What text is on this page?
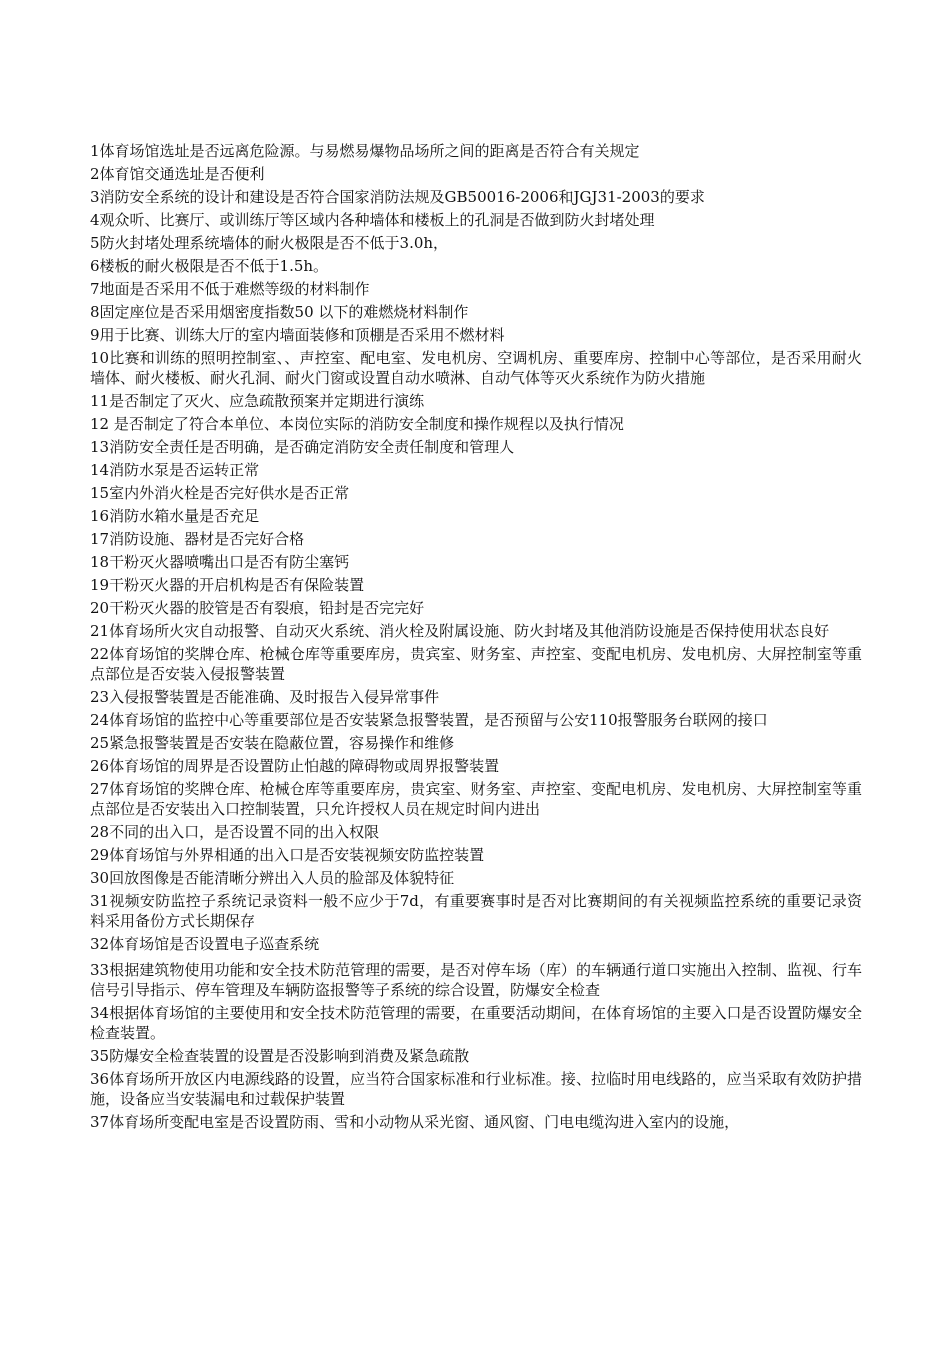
1体育场馆选址是否远离危险源。与易燃易爆物品场所之间的距离是否符合有关规定
2体育馆交通选址是否便利
3消防安全系统的设计和建设是否符合国家消防法规及GB50016-2006和JGJ31-2003的要求
4观众听、比赛厅、或训练厅等区域内各种墙体和楼板上的孔洞是否做到防火封堵处理
5防火封堵处理系统墙体的耐火极限是否不低于3.0h，
6楼板的耐火极限是否不低于1.5h。
7地面是否采用不低于难燃等级的材料制作
8固定座位是否采用烟密度指数50 以下的难燃烧材料制作
9用于比赛、训练大厅的室内墙面装修和顶棚是否采用不燃材料
10比赛和训练的照明控制室、、声控室、配电室、发电机房、空调机房、重要库房、控制中心等部位，是否采用耐火墙体、耐火楼板、耐火孔洞、耐火门窗或设置自动水喷淋、自动气体等灭火系统作为防火措施
11是否制定了灭火、应急疏散预案并定期进行演练
12 是否制定了符合本单位、本岗位实际的消防安全制度和操作规程以及执行情况
13消防安全责任是否明确，是否确定消防安全责任制度和管理人
14消防水泵是否运转正常
15室内外消火栓是否完好供水是否正常
16消防水箱水量是否充足
17消防设施、器材是否完好合格
18干粉灭火器喷嘴出口是否有防尘塞钙
19干粉灭火器的开启机构是否有保险装置
20干粉灭火器的胶管是否有裂痕，铅封是否完完好
21体育场所火灾自动报警、自动灭火系统、消火栓及附属设施、防火封堵及其他消防设施是否保持使用状态良好
22体育场馆的奖牌仓库、枪械仓库等重要库房，贵宾室、财务室、声控室、变配电机房、发电机房、大屏控制室等重点部位是否安装入侵报警装置
23入侵报警装置是否能准确、及时报告入侵异常事件
24体育场馆的监控中心等重要部位是否安装紧急报警装置，是否预留与公安110报警服务台联网的接口
25紧急报警装置是否安装在隐蔽位置，容易操作和维修
26体育场馆的周界是否设置防止怕越的障碍物或周界报警装置
27体育场馆的奖牌仓库、枪械仓库等重要库房，贵宾室、财务室、声控室、变配电机房、发电机房、大屏控制室等重点部位是否安装出入口控制装置，只允许授权人员在规定时间内进出
28不同的出入口，是否设置不同的出入权限
29体育场馆与外界相通的出入口是否安装视频安防监控装置
30回放图像是否能清晰分辨出入人员的脸部及体貌特征
31视频安防监控子系统记录资料一般不应少于7d，有重要赛事时是否对比赛期间的有关视频监控系统的重要记录资料采用备份方式长期保存
32体育场馆是否设置电子巡查系统
33根据建筑物使用功能和安全技术防范管理的需要，是否对停车场（库）的车辆通行道口实施出入控制、监视、行车信号引导指示、停车管理及车辆防盗报警等子系统的综合设置，防爆安全检查
34根据体育场馆的主要使用和安全技术防范管理的需要，在重要活动期间，在体育场馆的主要入口是否设置防爆安全检查装置。
35防爆安全检查装置的设置是否没影响到消费及紧急疏散
36体育场所开放区内电源线路的设置，应当符合国家标准和行业标准。接、拉临时用电线路的，应当采取有效防护措施，设备应当安装漏电和过载保护装置
37体育场所变配电室是否设置防雨、雪和小动物从采光窗、通风窗、门电电缆沟进入室内的设施，
